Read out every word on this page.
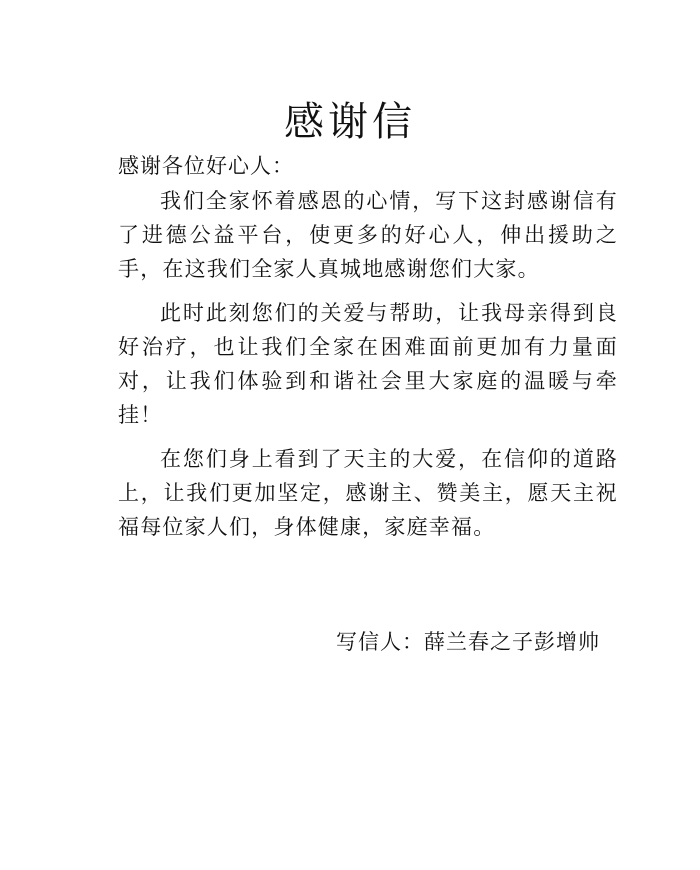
感谢信
感谢各位好心人：

我们全家怀着感恩的心情，写下这封感谢信有了进德公益平台，使更多的好心人，伸出援助之手，在这我们全家人真城地感谢您们大家。

此时此刻您们的关爱与帮助，让我母亲得到良好治疗，也让我们全家在困难面前更加有力量面对，让我们体验到和谐社会里大家庭的温暖与牵挂！

在您们身上看到了天主的大爱，在信仰的道路上，让我们更加坚定，感谢主、赞美主，愿天主祝福每位家人们，身体健康，家庭幸福。

写信人：薛兰春之子彭增帅
